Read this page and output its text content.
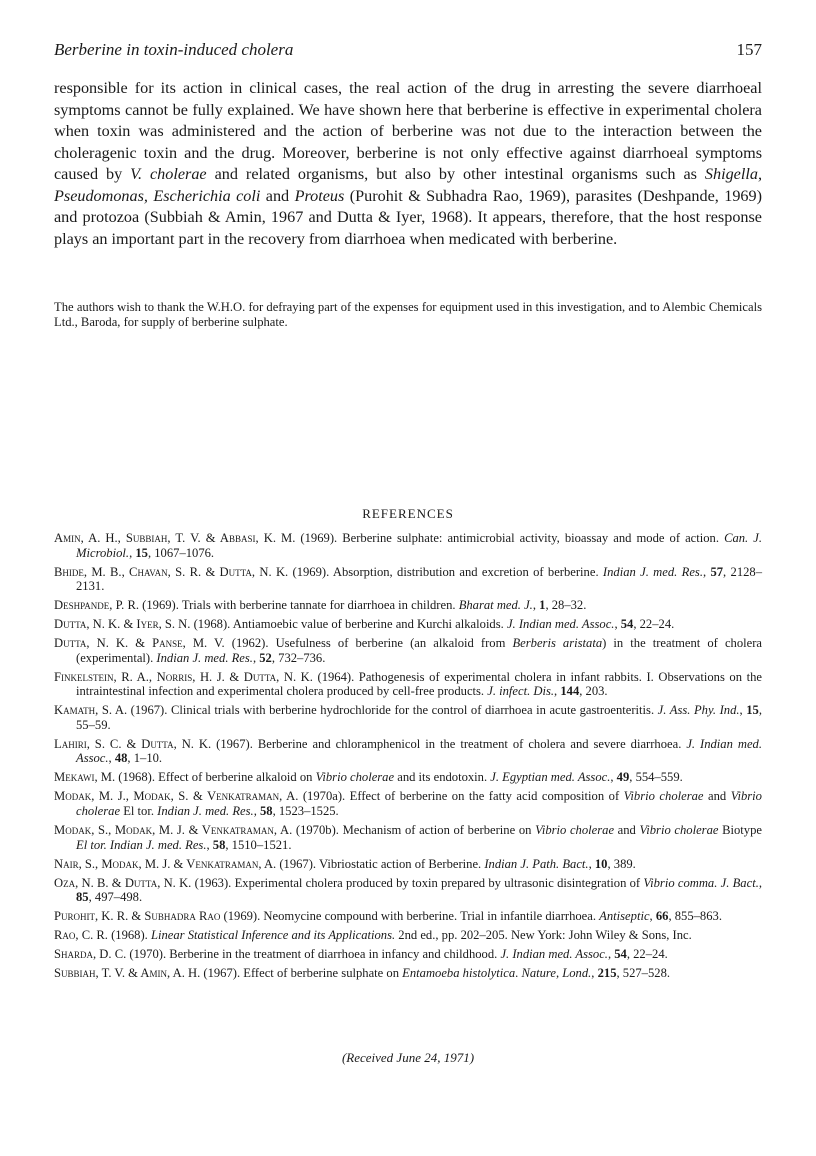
Berberine in toxin-induced cholera	157

responsible for its action in clinical cases, the real action of the drug in arresting the severe diarrhoeal symptoms cannot be fully explained. We have shown here that berberine is effective in experimental cholera when toxin was administered and the action of berberine was not due to the interaction between the choleragenic toxin and the drug. Moreover, berberine is not only effective against diarrhoeal symptoms caused by V. cholerae and related organisms, but also by other intestinal organisms such as Shigella, Pseudomonas, Escherichia coli and Proteus (Purohit & Subhadra Rao, 1969), parasites (Deshpande, 1969) and protozoa (Subbiah & Amin, 1967 and Dutta & Iyer, 1968). It appears, therefore, that the host response plays an important part in the recovery from diarrhoea when medicated with berberine.

The authors wish to thank the W.H.O. for defraying part of the expenses for equipment used in this investigation, and to Alembic Chemicals Ltd., Baroda, for supply of berberine sulphate.

REFERENCES
Amin, A. H., Subbiah, T. V. & Abbasi, K. M. (1969). Berberine sulphate: antimicrobial activity, bioassay and mode of action. Can. J. Microbiol., 15, 1067–1076.
Bhide, M. B., Chavan, S. R. & Dutta, N. K. (1969). Absorption, distribution and excretion of berberine. Indian J. med. Res., 57, 2128–2131.
Deshpande, P. R. (1969). Trials with berberine tannate for diarrhoea in children. Bharat med. J., 1, 28–32.
Dutta, N. K. & Iyer, S. N. (1968). Antiamoebic value of berberine and Kurchi alkaloids. J. Indian med. Assoc., 54, 22–24.
Dutta, N. K. & Panse, M. V. (1962). Usefulness of berberine (an alkaloid from Berberis aristata) in the treatment of cholera (experimental). Indian J. med. Res., 52, 732–736.
Finkelstein, R. A., Norris, H. J. & Dutta, N. K. (1964). Pathogenesis of experimental cholera in infant rabbits. I. Observations on the intraintestinal infection and experimental cholera produced by cell-free products. J. infect. Dis., 144, 203.
Kamath, S. A. (1967). Clinical trials with berberine hydrochloride for the control of diarrhoea in acute gastroenteritis. J. Ass. Phy. Ind., 15, 55–59.
Lahiri, S. C. & Dutta, N. K. (1967). Berberine and chloramphenicol in the treatment of cholera and severe diarrhoea. J. Indian med. Assoc., 48, 1–10.
Mekawi, M. (1968). Effect of berberine alkaloid on Vibrio cholerae and its endotoxin. J. Egyptian med. Assoc., 49, 554–559.
Modak, M. J., Modak, S. & Venkatraman, A. (1970a). Effect of berberine on the fatty acid composition of Vibrio cholerae and Vibrio cholerae El tor. Indian J. med. Res., 58, 1523–1525.
Modak, S., Modak, M. J. & Venkatraman, A. (1970b). Mechanism of action of berberine on Vibrio cholerae and Vibrio cholerae Biotype El tor. Indian J. med. Res., 58, 1510–1521.
Nair, S., Modak, M. J. & Venkatraman, A. (1967). Vibriostatic action of Berberine. Indian J. Path. Bact., 10, 389.
Oza, N. B. & Dutta, N. K. (1963). Experimental cholera produced by toxin prepared by ultrasonic disintegration of Vibrio comma. J. Bact., 85, 497–498.
Purohit, K. R. & Subhadra Rao (1969). Neomycine compound with berberine. Trial in infantile diarrhoea. Antiseptic, 66, 855–863.
Rao, C. R. (1968). Linear Statistical Inference and its Applications. 2nd ed., pp. 202–205. New York: John Wiley & Sons, Inc.
Sharda, D. C. (1970). Berberine in the treatment of diarrhoea in infancy and childhood. J. Indian med. Assoc., 54, 22–24.
Subbiah, T. V. & Amin, A. H. (1967). Effect of berberine sulphate on Entamoeba histolytica. Nature, Lond., 215, 527–528.
(Received June 24, 1971)
